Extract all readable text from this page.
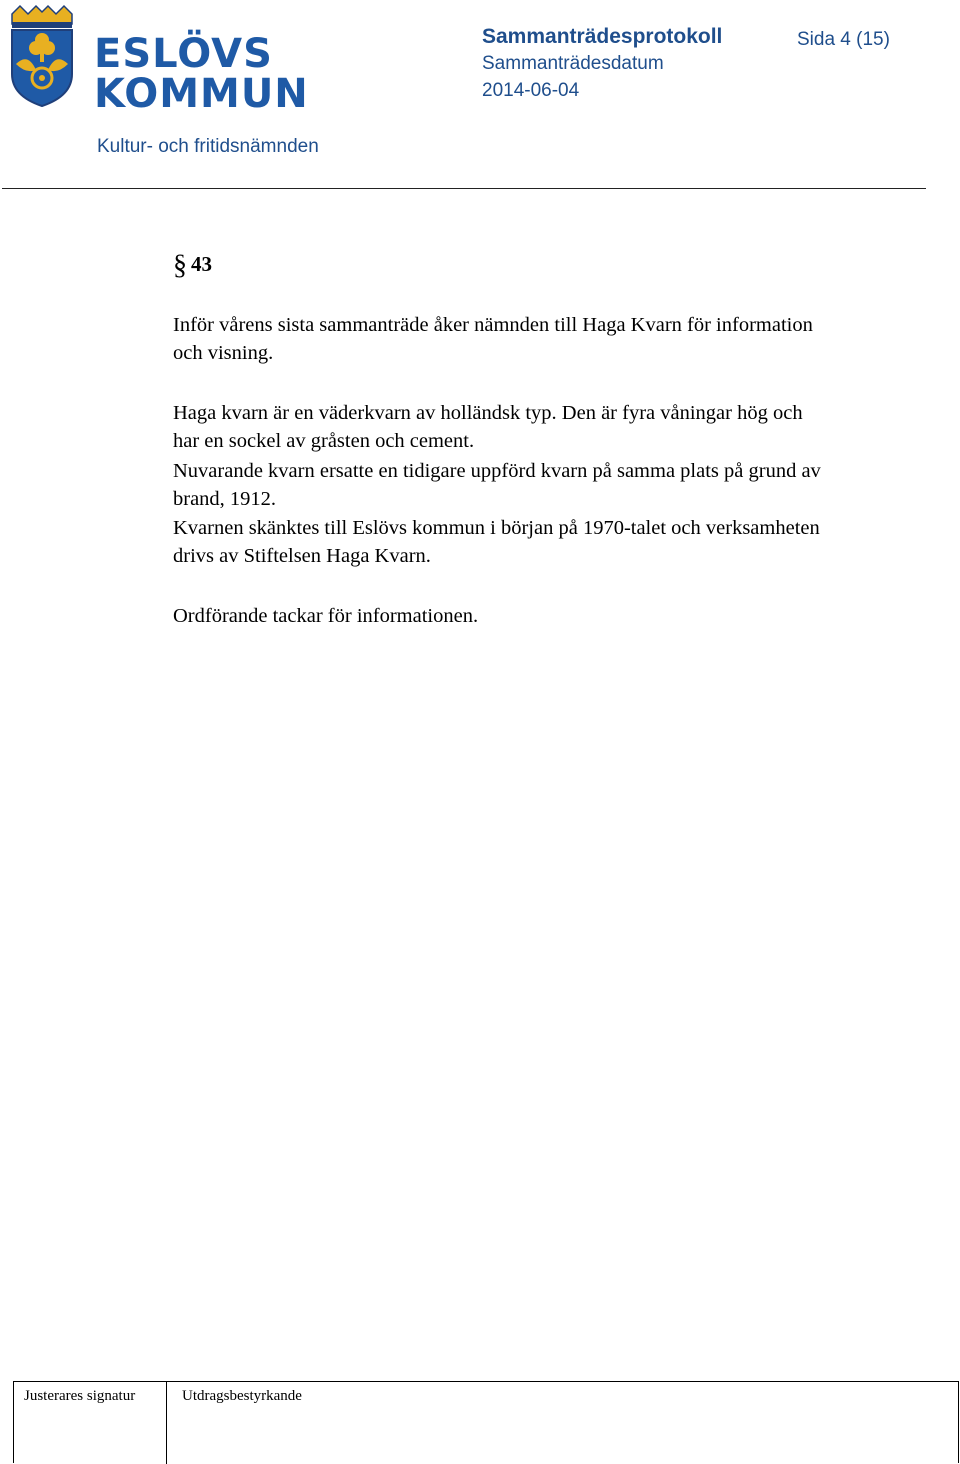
ESLÖVS
KOMMUN
Sammanträdesprotokoll	Sida 4 (15)
Sammanträdesdatum
2014-06-04
Kultur- och fritidsnämnden
§ 43
Inför vårens sista sammanträde åker nämnden till Haga Kvarn för information och visning.
Haga kvarn är en väderkvarn av holländsk typ. Den är fyra våningar hög och har en sockel av gråsten och cement.
Nuvarande kvarn ersatte en tidigare uppförd kvarn på samma plats på grund av brand, 1912.
Kvarnen skänktes till Eslövs kommun i början på 1970-talet och verksamheten drivs av Stiftelsen Haga Kvarn.
Ordförande tackar för informationen.
Justerares signatur	Utdragsbestyrkande
